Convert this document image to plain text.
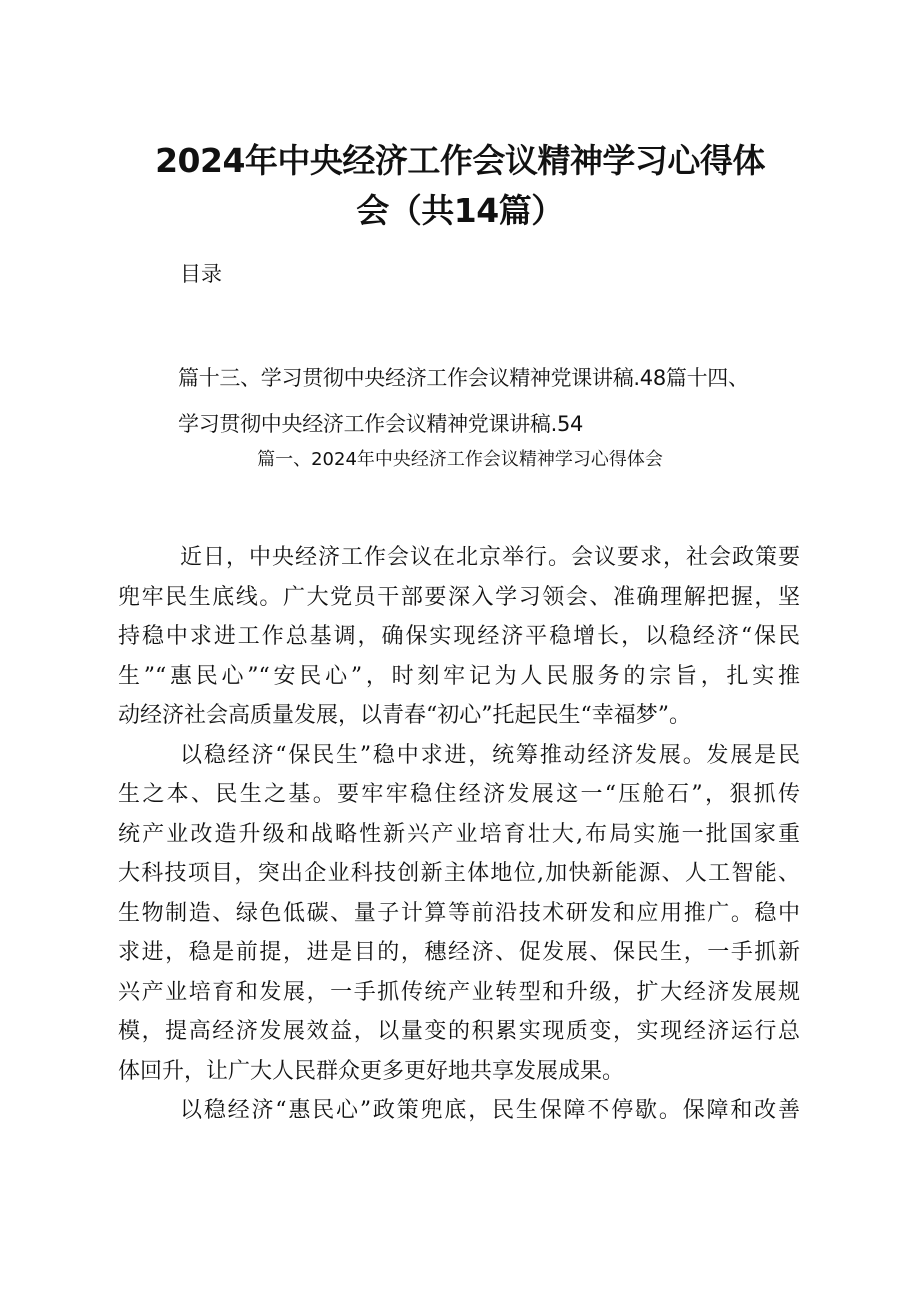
2024年中央经济工作会议精神学习心得体
会（共14篇）
目录
篇十三、学习贯彻中央经济工作会议精神党课讲稿.48篇十四、
学习贯彻中央经济工作会议精神党课讲稿.54
篇一、2024年中央经济工作会议精神学习心得体会

近日，中央经济工作会议在北京举行。会议要求，社会政策要
兜牢民生底线。广大党员干部要深入学习领会、准确理解把握，坚
持稳中求进工作总基调，确保实现经济平稳增长，以稳经济“保民
生”“惠民心”“安民心”，时刻牢记为人民服务的宗旨，扎实推
动经济社会高质量发展，以青春“初心”托起民生“幸福梦”。

以稳经济“保民生”稳中求进，统筹推动经济发展。发展是民
生之本、民生之基。要牢牢稳住经济发展这一“压舱石”，狠抓传
统产业改造升级和战略性新兴产业培育壮大,布局实施一批国家重
大科技项目，突出企业科技创新主体地位,加快新能源、人工智能、
生物制造、绿色低碳、量子计算等前沿技术研发和应用推广。稳中
求进，稳是前提，进是目的，穗经济、促发展、保民生，一手抓新
兴产业培育和发展，一手抓传统产业转型和升级，扩大经济发展规
模，提高经济发展效益，以量变的积累实现质变，实现经济运行总
体回升，让广大人民群众更多更好地共享发展成果。

以稳经济“惠民心”政策兜底，民生保障不停歇。保障和改善
